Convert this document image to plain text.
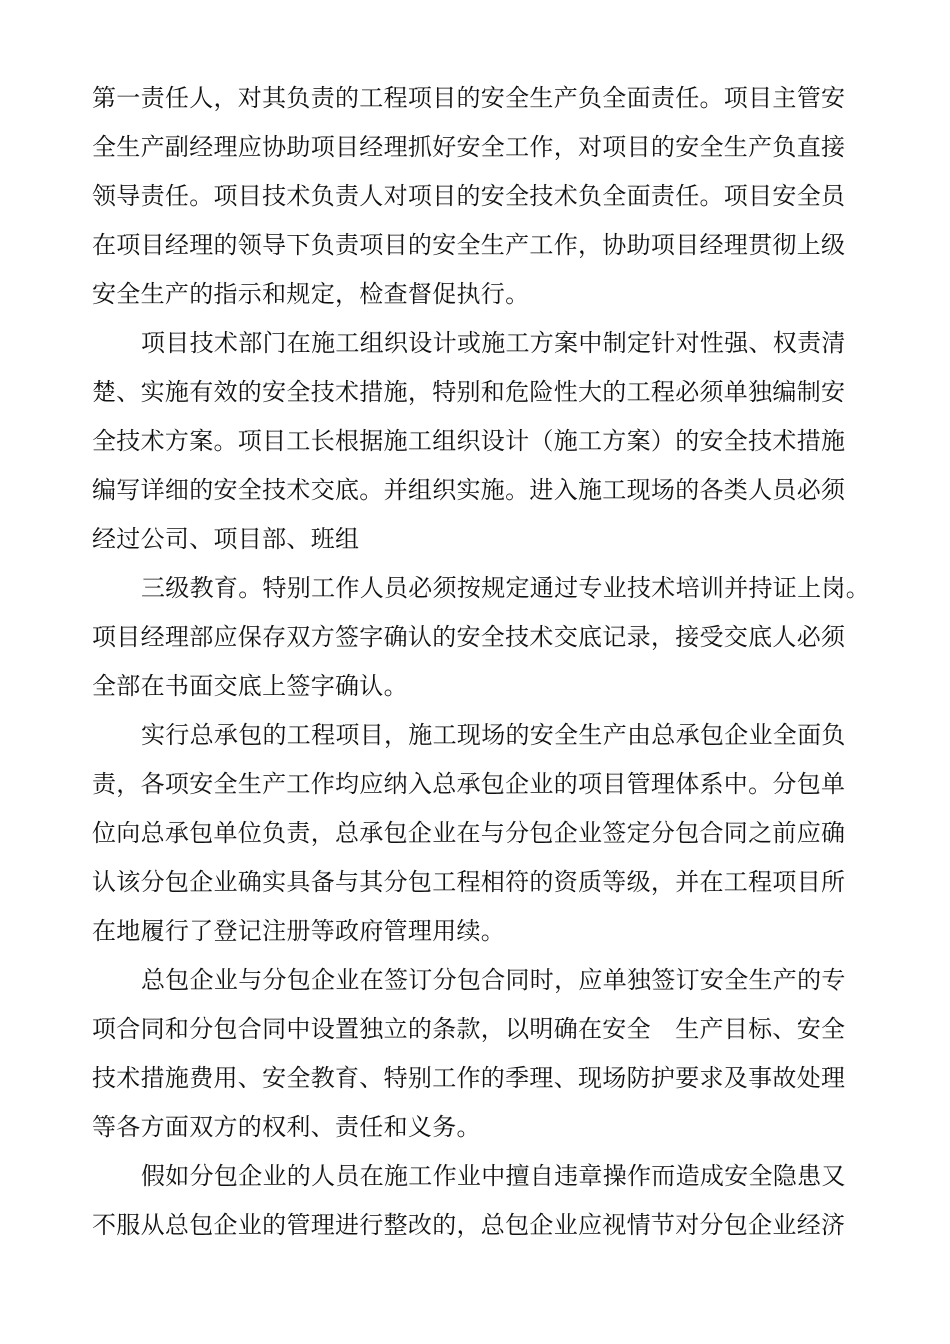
第一责任人，对其负责的工程项目的安全生产负全面责任。项目主管安
全生产副经理应协助项目经理抓好安全工作，对项目的安全生产负直接
领导责任。项目技术负责人对项目的安全技术负全面责任。项目安全员
在项目经理的领导下负责项目的安全生产工作，协助项目经理贯彻上级
安全生产的指示和规定，检查督促执行。
项目技术部门在施工组织设计或施工方案中制定针对性强、权责清
楚、实施有效的安全技术措施，特别和危险性大的工程必须单独编制安
全技术方案。项目工长根据施工组织设计（施工方案）的安全技术措施
编写详细的安全技术交底。并组织实施。进入施工现场的各类人员必须
经过公司、项目部、班组
三级教育。特别工作人员必须按规定通过专业技术培训并持证上岗。
项目经理部应保存双方签字确认的安全技术交底记录，接受交底人必须
全部在书面交底上签字确认。
实行总承包的工程项目，施工现场的安全生产由总承包企业全面负
责，各项安全生产工作均应纳入总承包企业的项目管理体系中。分包单
位向总承包单位负责，总承包企业在与分包企业签定分包合同之前应确
认该分包企业确实具备与其分包工程相符的资质等级，并在工程项目所
在地履行了登记注册等政府管理用续。
总包企业与分包企业在签订分包合同时，应单独签订安全生产的专
项合同和分包合同中设置独立的条款，以明确在安全　生产目标、安全
技术措施费用、安全教育、特别工作的季理、现场防护要求及事故处理
等各方面双方的权利、责任和义务。
假如分包企业的人员在施工作业中擅自违章操作而造成安全隐患又
不服从总包企业的管理进行整改的，总包企业应视情节对分包企业经济
